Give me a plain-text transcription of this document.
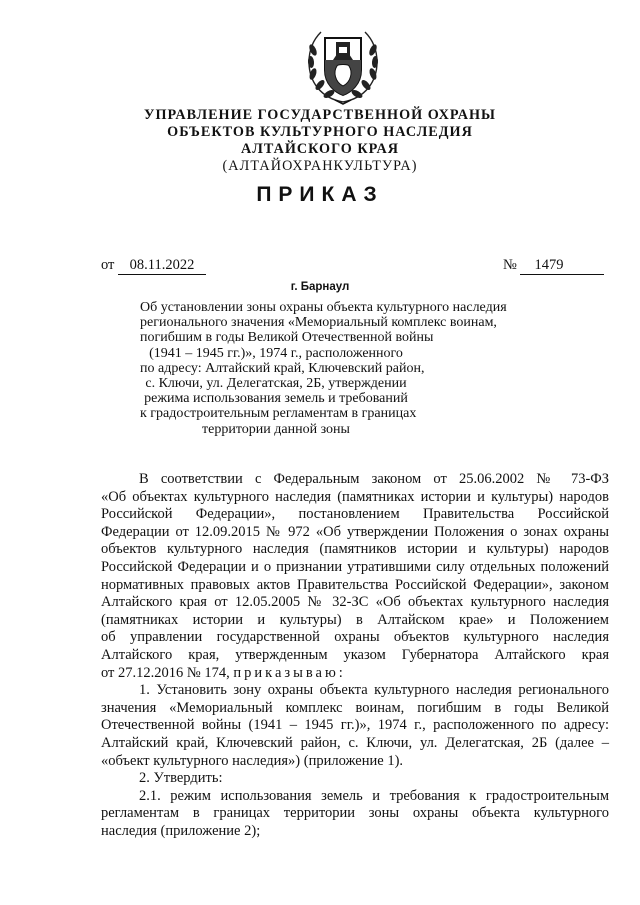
УПРАВЛЕНИЕ ГОСУДАРСТВЕННОЙ ОХРАНЫ
ОБЪЕКТОВ КУЛЬТУРНОГО НАСЛЕДИЯ
АЛТАЙСКОГО КРАЯ
(АЛТАЙОХРАНКУЛЬТУРА)
ПРИКАЗ
от 08.11.2022	№ 1479
г. Барнаул
Об установлении зоны охраны объекта культурного наследия
регионального значения «Мемориальный комплекс воинам,
погибшим в годы Великой Отечественной войны
(1941 – 1945 гг.)», 1974 г., расположенного
по адресу: Алтайский край, Ключевский район,
с. Ключи, ул. Делегатская, 2Б, утверждении
режима использования земель и требований
к градостроительным регламентам в границах
территории данной зоны
В соответствии с Федеральным законом от 25.06.2002 № 73-ФЗ
«Об объектах культурного наследия (памятниках истории и культуры) народов
Российской Федерации», постановлением Правительства Российской
Федерации от 12.09.2015 № 972 «Об утверждении Положения о зонах охраны
объектов культурного наследия (памятников истории и культуры) народов
Российской Федерации и о признании утратившими силу отдельных положений
нормативных правовых актов Правительства Российской Федерации», законом
Алтайского края от 12.05.2005 № 32-ЗС «Об объектах культурного наследия
(памятниках истории и культуры) в Алтайском крае» и Положением
об управлении государственной охраны объектов культурного наследия
Алтайского края, утвержденным указом Губернатора Алтайского края
от 27.12.2016 № 174, приказываю:
1. Установить зону охраны объекта культурного наследия регионального
значения «Мемориальный комплекс воинам, погибшим в годы Великой
Отечественной войны (1941 – 1945 гг.)», 1974 г., расположенного по адресу:
Алтайский край, Ключевский район, с. Ключи, ул. Делегатская, 2Б (далее –
«объект культурного наследия») (приложение 1).
2. Утвердить:
2.1. режим использования земель и требования к градостроительным
регламентам в границах территории зоны охраны объекта культурного
наследия (приложение 2);
